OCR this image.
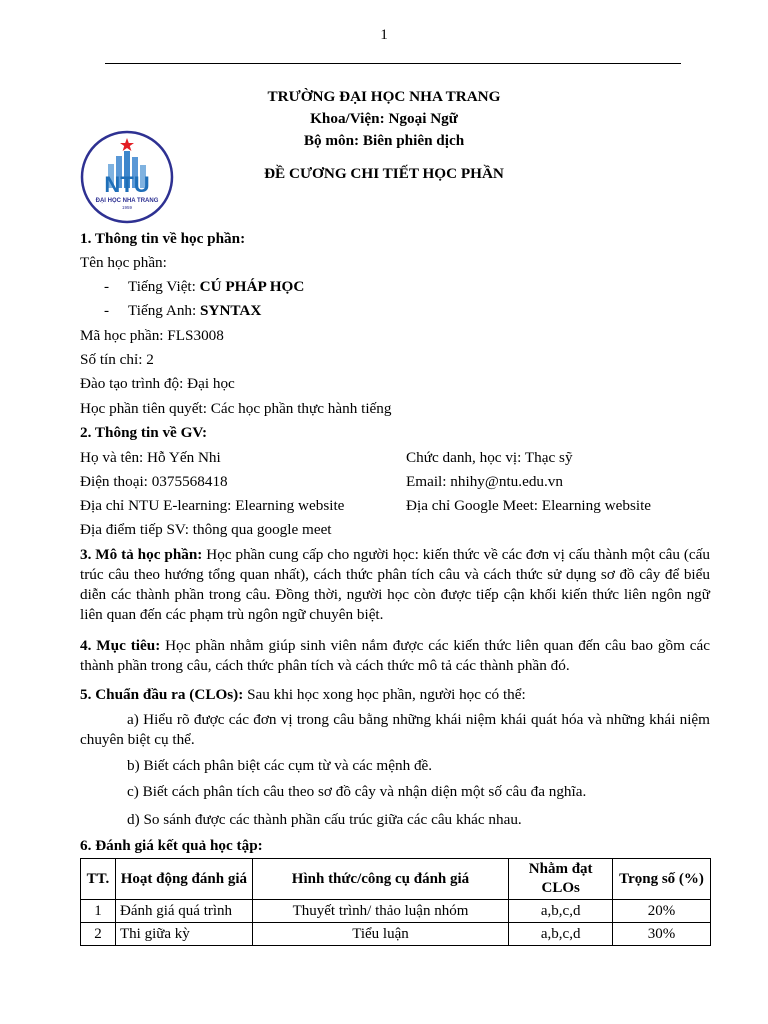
1
TRƯỜNG ĐẠI HỌC NHA TRANG
Khoa/Viện: Ngoại Ngữ
Bộ môn: Biên phiên dịch
ĐỀ CƯƠNG CHI TIẾT HỌC PHẦN
NTU
ĐẠI HỌC NHA TRANG
1959
1. Thông tin về học phần:
Tên học phần:
- Tiếng Việt: CÚ PHÁP HỌC
- Tiếng Anh: SYNTAX
Mã học phần: FLS3008
Số tín chỉ: 2
Đào tạo trình độ: Đại học
Học phần tiên quyết: Các học phần thực hành tiếng
2. Thông tin về GV:
Họ và tên: Hỗ Yến Nhi	Chức danh, học vị: Thạc sỹ
Điện thoại: 0375568418	Email: nhihy@ntu.edu.vn
Địa chỉ NTU E-learning: Elearning website	Địa chỉ Google Meet: Elearning website
Địa điểm tiếp SV: thông qua google meet
3. Mô tả học phần: Học phần cung cấp cho người học: kiến thức về các đơn vị cấu thành một câu (cấu trúc câu theo hướng tổng quan nhất), cách thức phân tích câu và cách thức sử dụng sơ đồ cây để biểu diễn các thành phần trong câu. Đồng thời, người học còn được tiếp cận khối kiến thức liên ngôn ngữ liên quan đến các phạm trù ngôn ngữ chuyên biệt.
4. Mục tiêu: Học phần nhằm giúp sinh viên nắm được các kiến thức liên quan đến câu bao gồm các thành phần trong câu, cách thức phân tích và cách thức mô tả các thành phần đó.
5. Chuẩn đầu ra (CLOs): Sau khi học xong học phần, người học có thể:
a) Hiểu rõ được các đơn vị trong câu bằng những khái niệm khái quát hóa và những khái niệm chuyên biệt cụ thể.
b) Biết cách phân biệt các cụm từ và các mệnh đề.
c) Biết cách phân tích câu theo sơ đồ cây và nhận diện một số câu đa nghĩa.
d) So sánh được các thành phần cấu trúc giữa các câu khác nhau.
6. Đánh giá kết quả học tập:
TT.	Hoạt động đánh giá	Hình thức/công cụ đánh giá	Nhằm đạt CLOs	Trọng số (%)
1	Đánh giá quá trình	Thuyết trình/ thảo luận nhóm	a,b,c,d	20%
2	Thi giữa kỳ	Tiểu luận	a,b,c,d	30%
